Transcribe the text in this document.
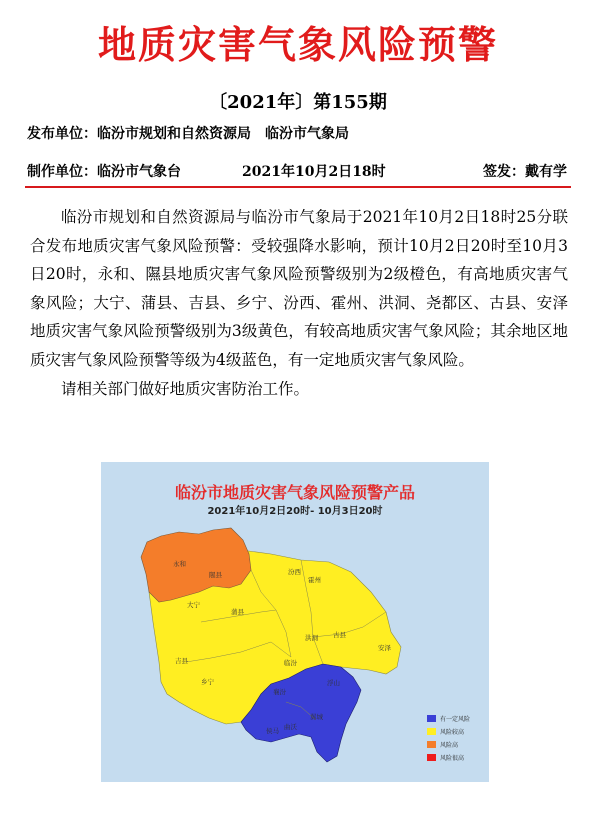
地质灾害气象风险预警
〔2021年〕第155期
发布单位：临汾市规划和自然资源局　临汾市气象局
制作单位：临汾市气象台	2021年10月2日18时	签发：戴有学

临汾市规划和自然资源局与临汾市气象局于2021年10月2日18时25分联合发布地质灾害气象风险预警：受较强降水影响，预计10月2日20时至10月3日20时，永和、隰县地质灾害气象风险预警级别为2级橙色，有高地质灾害气象风险；大宁、蒲县、吉县、乡宁、汾西、霍州、洪洞、尧都区、古县、安泽地质灾害气象风险预警级别为3级黄色，有较高地质灾害气象风险；其余地区地质灾害气象风险预警等级为4级蓝色，有一定地质灾害气象风险。

请相关部门做好地质灾害防治工作。

永和
隰县	汾西
霍州
大宁
蒲县
洪洞 古县
安泽
吉县	临汾
乡宁
襄汾
浮山
侯马 曲沃
翼城
临汾市地质灾害气象风险预警产品
2021年10月2日20时- 10月3日20时
有一定风险
风险较高
风险高
风险很高
